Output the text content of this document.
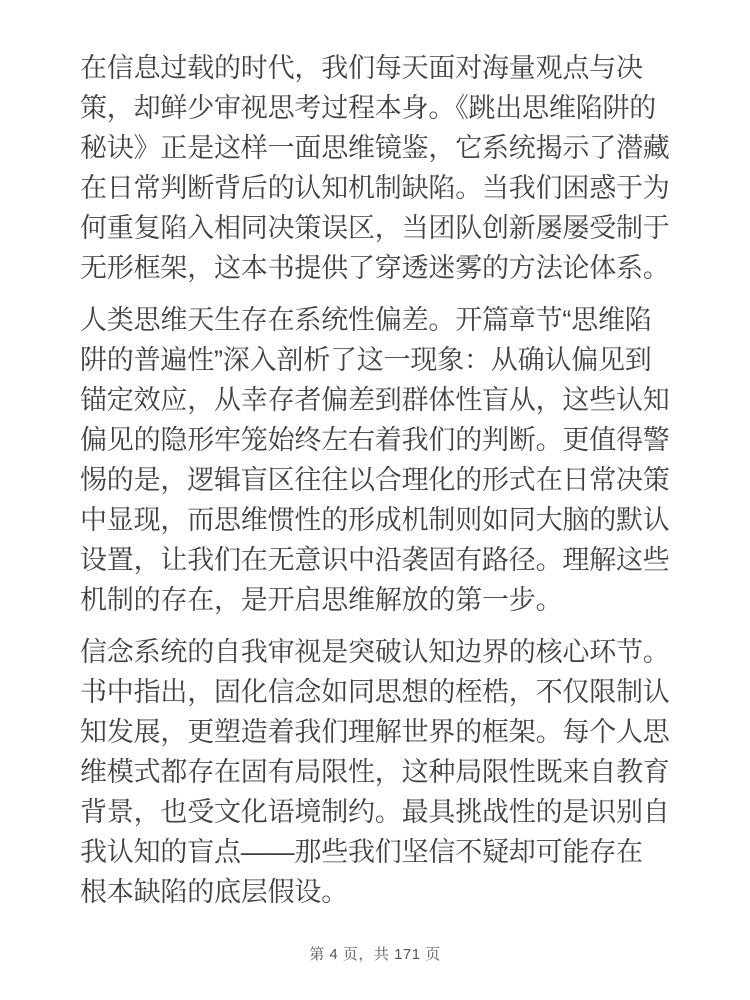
在信息过载的时代，我们每天面对海量观点与决
策，却鲜少审视思考过程本身。《跳出思维陷阱的
秘诀》正是这样一面思维镜鉴，它系统揭示了潜藏
在日常判断背后的认知机制缺陷。当我们困惑于为
何重复陷入相同决策误区，当团队创新屡屡受制于
无形框架，这本书提供了穿透迷雾的方法论体系。
人类思维天生存在系统性偏差。开篇章节“思维陷
阱的普遍性”深入剖析了这一现象：从确认偏见到
锚定效应，从幸存者偏差到群体性盲从，这些认知
偏见的隐形牢笼始终左右着我们的判断。更值得警
惕的是，逻辑盲区往往以合理化的形式在日常决策
中显现，而思维惯性的形成机制则如同大脑的默认
设置，让我们在无意识中沿袭固有路径。理解这些
机制的存在，是开启思维解放的第一步。
信念系统的自我审视是突破认知边界的核心环节。
书中指出，固化信念如同思想的桎梏，不仅限制认
知发展，更塑造着我们理解世界的框架。每个人思
维模式都存在固有局限性，这种局限性既来自教育
背景，也受文化语境制约。最具挑战性的是识别自
我认知的盲点——那些我们坚信不疑却可能存在
根本缺陷的底层假设。
第 4 页，共 171 页
